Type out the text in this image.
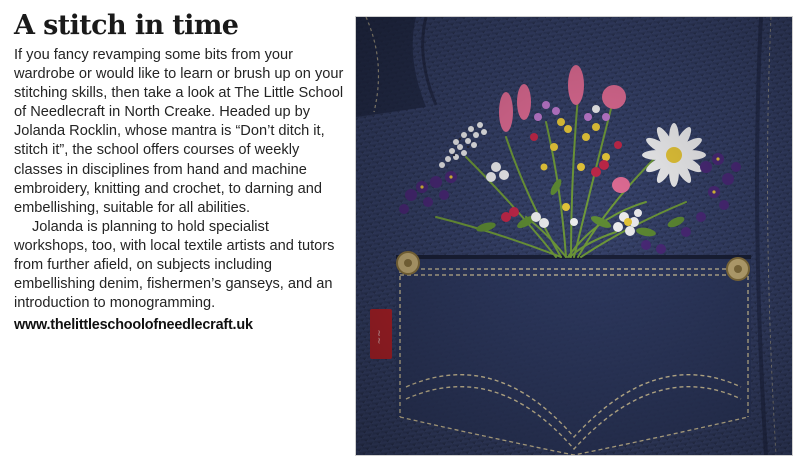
A stitch in time

If you fancy revamping some bits from your wardrobe or would like to learn or brush up on your stitching skills, then take a look at The Little School of Needlecraft in North Creake. Headed up by Jolanda Rocklin, whose mantra is “Don’t ditch it, stitch it”, the school offers courses of weekly classes in disciplines from hand and machine embroidery, knitting and crochet, to darning and embellishing, suitable for all abilities.

Jolanda is planning to hold specialist workshops, too, with local textile artists and tutors from further afield, on subjects including embellishing denim, fishermen’s ganseys, and an introduction to monogramming.

www.thelittleschoolofneedlecraft.uk
